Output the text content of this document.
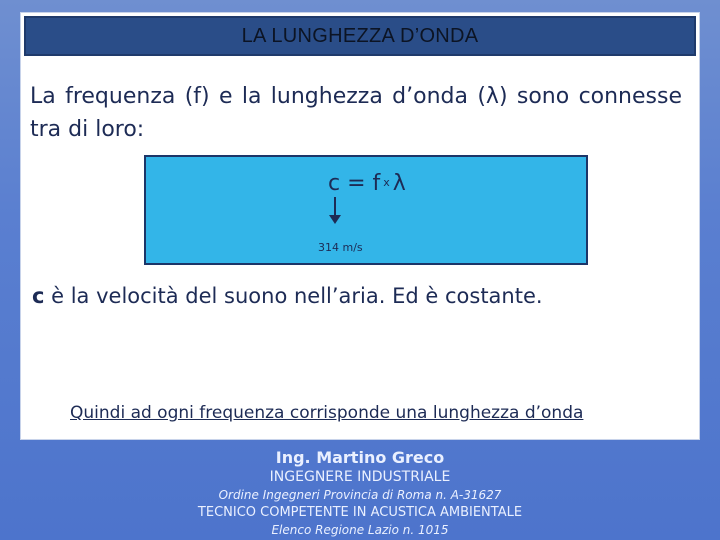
LA LUNGHEZZA D’ONDA

La frequenza (f) e la lunghezza d’onda (λ) sono connesse tra di loro:

c = f x λ
314 m/s

c è la velocità del suono nell’aria. Ed è costante.

Quindi ad ogni frequenza corrisponde una lunghezza d’onda

Ing. Martino Greco
INGEGNERE INDUSTRIALE
Ordine Ingegneri Provincia di Roma n. A-31627
TECNICO COMPETENTE IN ACUSTICA AMBIENTALE
Elenco Regione Lazio n. 1015
